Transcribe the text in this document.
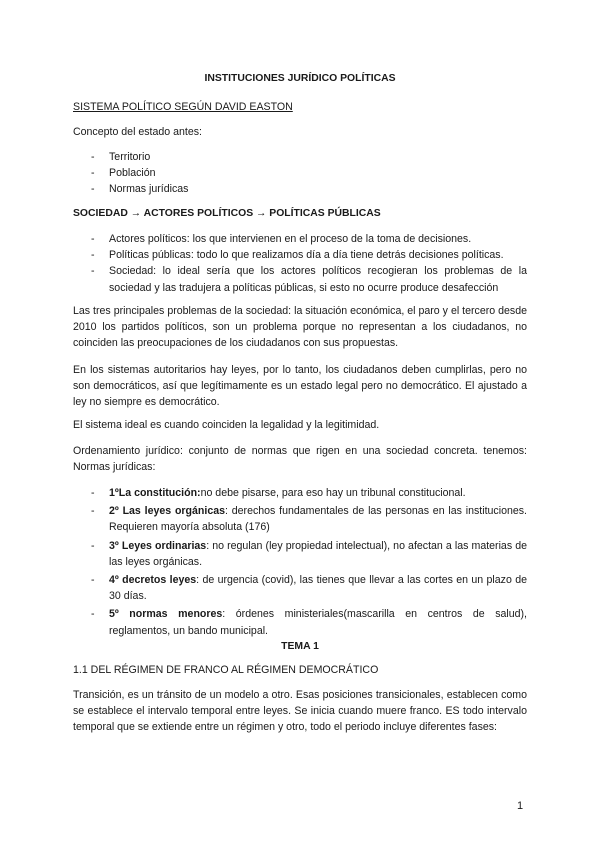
INSTITUCIONES JURÍDICO POLÍTICAS
SISTEMA POLÍTICO SEGÚN DAVID EASTON

Concepto del estado antes:

- Territorio
- Población
- Normas jurídicas
SOCIEDAD → ACTORES POLÍTICOS → POLÍTICAS PÚBLICAS
- Actores políticos: los que intervienen en el proceso de la toma de decisiones.
- Políticas públicas: todo lo que realizamos día a día tiene detrás decisiones políticas.
- Sociedad: lo ideal sería que los actores políticos recogieran los problemas de la sociedad y las tradujera a políticas públicas, si esto no ocurre produce desafección

Las tres principales problemas de la sociedad: la situación económica, el paro y el tercero desde 2010 los partidos políticos, son un problema porque no representan a los ciudadanos, no coinciden las preocupaciones de los ciudadanos con sus propuestas.

En los sistemas autoritarios hay leyes, por lo tanto, los ciudadanos deben cumplirlas, pero no son democráticos, así que legítimamente es un estado legal pero no democrático. El ajustado a ley no siempre es democrático.

El sistema ideal es cuando coinciden la legalidad y la legitimidad.

Ordenamiento jurídico: conjunto de normas que rigen en una sociedad concreta. tenemos: Normas jurídicas:

- 1ºLa constitución:no debe pisarse, para eso hay un tribunal constitucional.
- 2º Las leyes orgánicas: derechos fundamentales de las personas en las instituciones. Requieren mayoría absoluta (176)
- 3º Leyes ordinarias: no regulan (ley propiedad intelectual), no afectan a las materias de las leyes orgánicas.
- 4º decretos leyes: de urgencia (covid), las tienes que llevar a las cortes en un plazo de 30 días.
- 5º normas menores: órdenes ministeriales(mascarilla en centros de salud), reglamentos, un bando municipal.
TEMA 1
1.1 DEL RÉGIMEN DE FRANCO AL RÉGIMEN DEMOCRÁTICO

Transición, es un tránsito de un modelo a otro. Esas posiciones transicionales, establecen como se establece el intervalo temporal entre leyes. Se inicia cuando muere franco. ES todo intervalo temporal que se extiende entre un régimen y otro, todo el periodo incluye diferentes fases:

1
